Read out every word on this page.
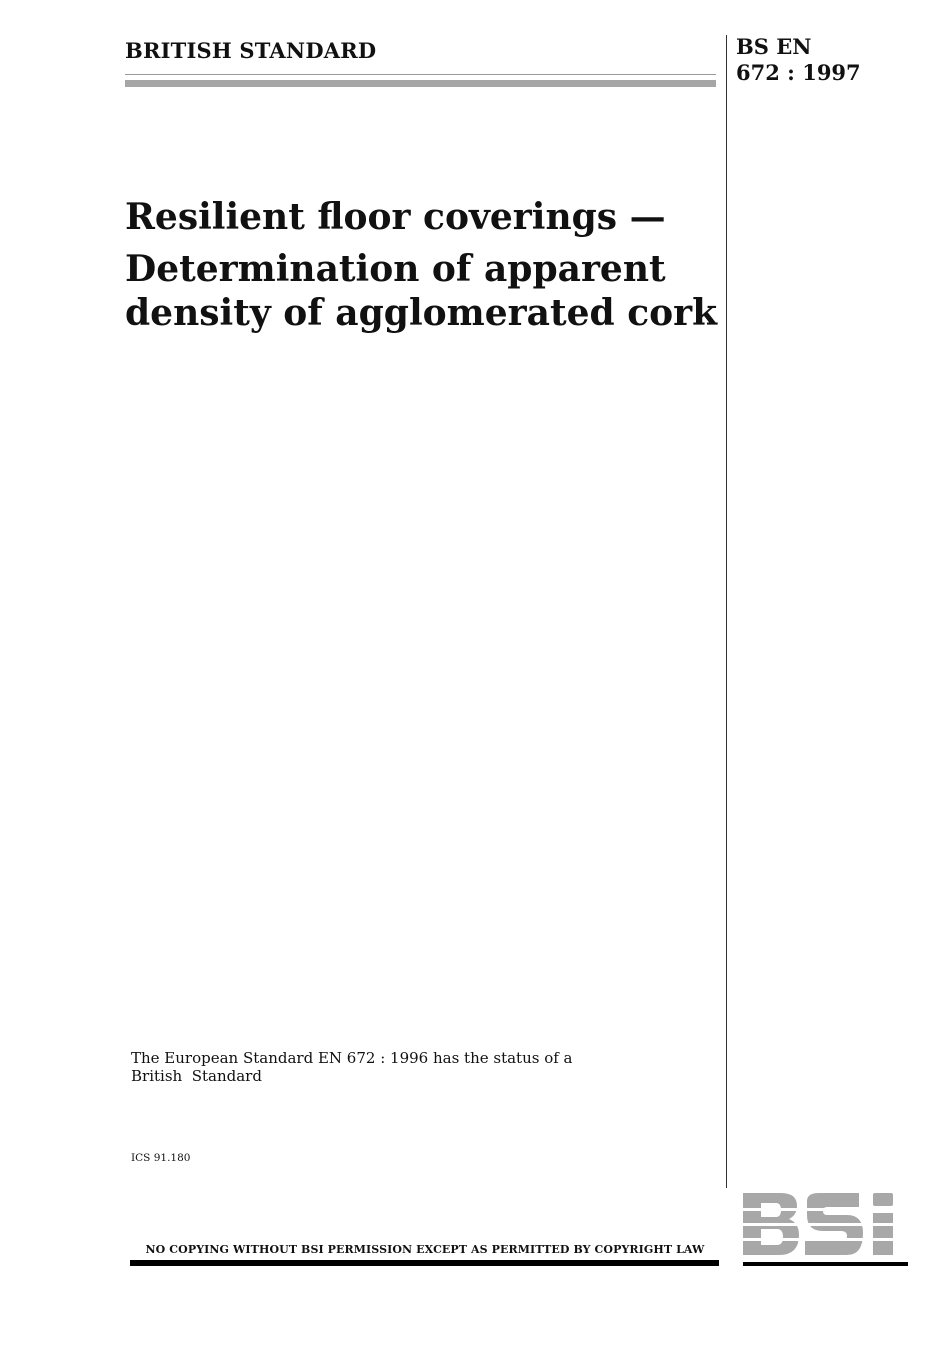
BRITISH STANDARD	BS EN
672 : 1997
Resilient floor coverings —
Determination of apparent
density of agglomerated cork
The European Standard EN 672 : 1996 has the status of a
British  Standard
ICS 91.180
NO COPYING WITHOUT BSI PERMISSION EXCEPT AS PERMITTED BY COPYRIGHT LAW
